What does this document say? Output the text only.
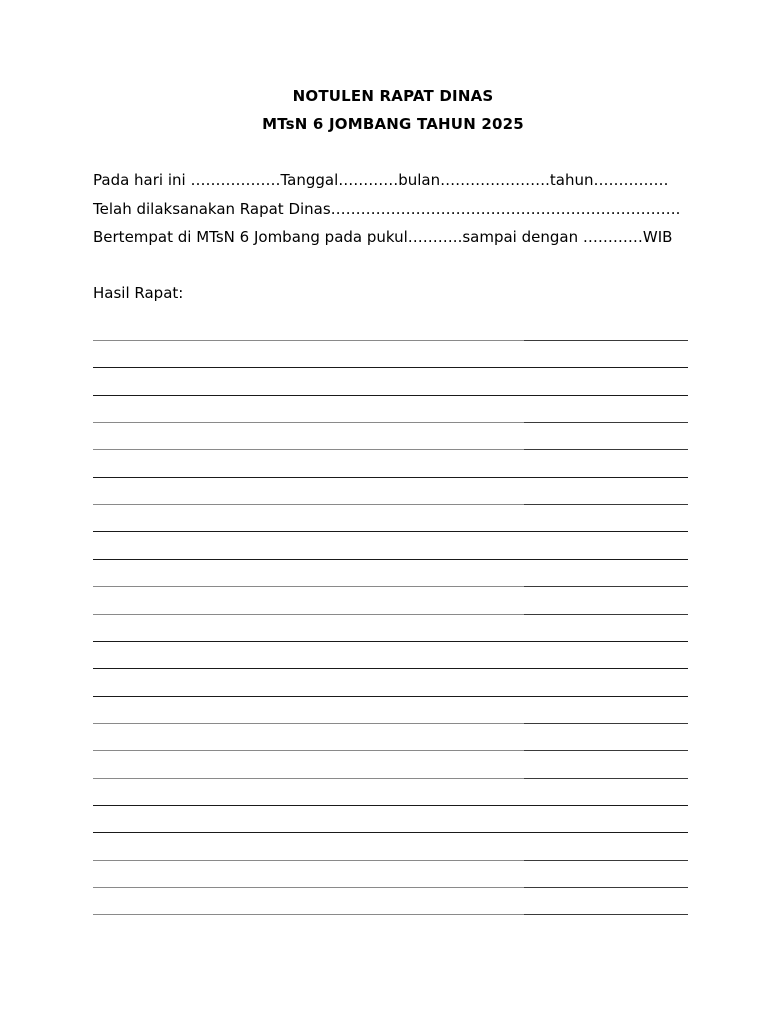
NOTULEN RAPAT DINAS
MTsN 6 JOMBANG TAHUN 2025
Pada hari ini ………………Tanggal…………bulan………………….tahun……………
Telah dilaksanakan Rapat Dinas…………………………………………………………….
Bertempat di MTsN 6 Jombang pada pukul………..sampai dengan …………WIB
Hasil Rapat:
